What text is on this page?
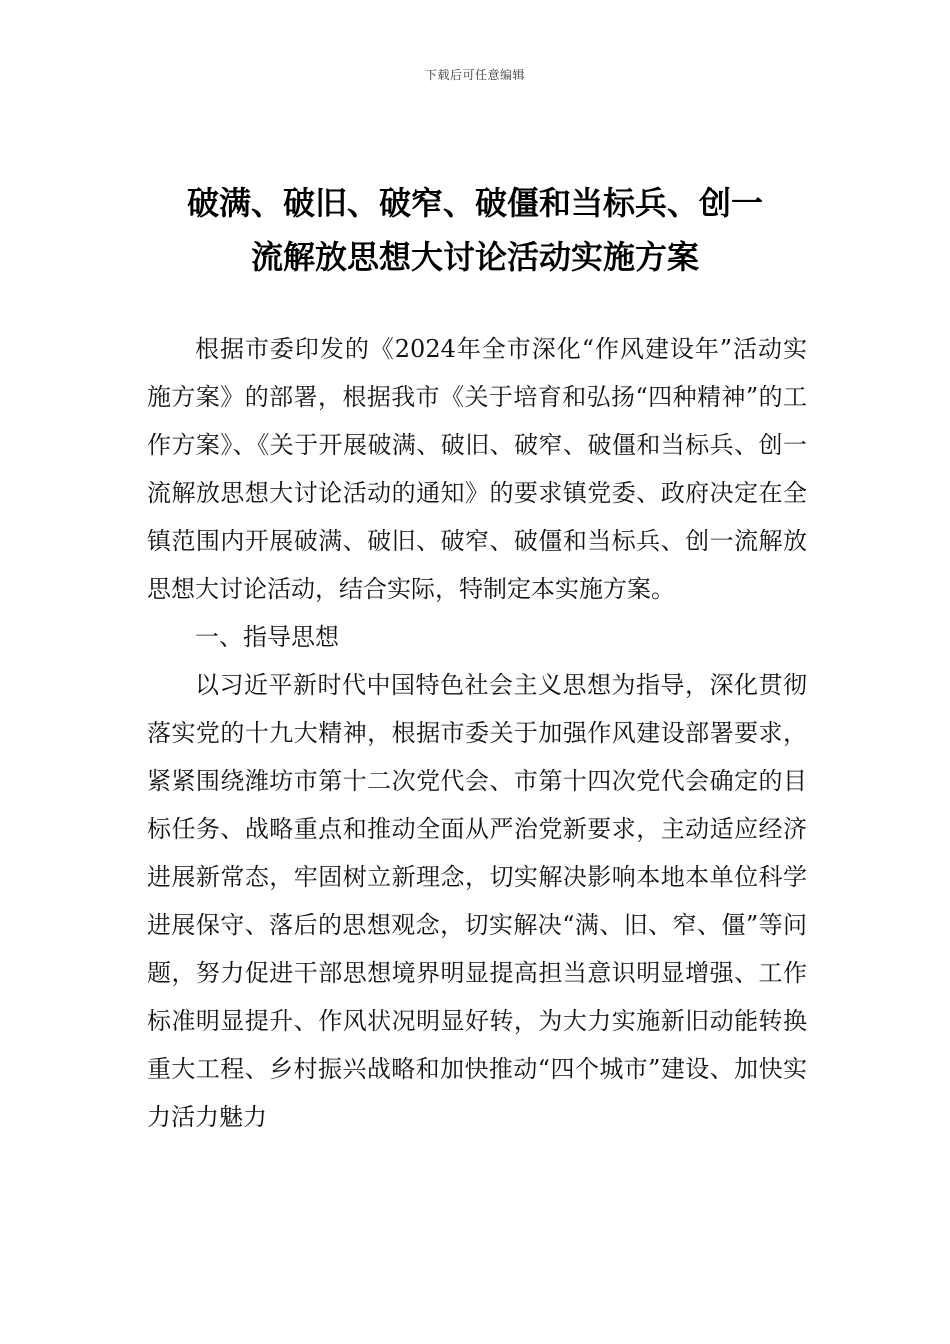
下载后可任意编辑
破满、破旧、破窄、破僵和当标兵、创一
流解放思想大讨论活动实施方案

根据市委印发的《2024年全市深化“作风建设年”活动实施方案》的部署，根据我市《关于培育和弘扬“四种精神”的工作方案》、《关于开展破满、破旧、破窄、破僵和当标兵、创一流解放思想大讨论活动的通知》的要求镇党委、政府决定在全镇范围内开展破满、破旧、破窄、破僵和当标兵、创一流解放思想大讨论活动，结合实际，特制定本实施方案。

一、指导思想

以习近平新时代中国特色社会主义思想为指导，深化贯彻落实党的十九大精神，根据市委关于加强作风建设部署要求，紧紧围绕潍坊市第十二次党代会、市第十四次党代会确定的目标任务、战略重点和推动全面从严治党新要求，主动适应经济进展新常态，牢固树立新理念，切实解决影响本地本单位科学进展保守、落后的思想观念，切实解决“满、旧、窄、僵”等问题，努力促进干部思想境界明显提高担当意识明显增强、工作标准明显提升、作风状况明显好转，为大力实施新旧动能转换重大工程、乡村振兴战略和加快推动“四个城市”建设、加快实力活力魅力
